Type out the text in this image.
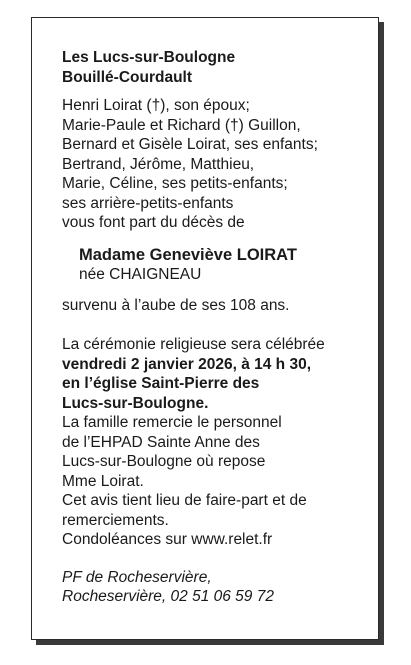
Les Lucs-sur-Boulogne
Bouillé-Courdault
Henri Loirat (†), son époux;
Marie-Paule et Richard (†) Guillon,
Bernard et Gisèle Loirat, ses enfants;
Bertrand, Jérôme, Matthieu,
Marie, Céline, ses petits-enfants;
ses arrière-petits-enfants
vous font part du décès de
Madame Geneviève LOIRAT
née CHAIGNEAU
survenu à l’aube de ses 108 ans.
La cérémonie religieuse sera célébrée
vendredi 2 janvier 2026, à 14 h 30,
en l’église Saint-Pierre des
Lucs-sur-Boulogne.
La famille remercie le personnel
de l’EHPAD Sainte Anne des
Lucs-sur-Boulogne où repose
Mme Loirat.
Cet avis tient lieu de faire-part et de
remerciements.
Condoléances sur www.relet.fr
PF de Rocheservière,
Rocheservière, 02 51 06 59 72
